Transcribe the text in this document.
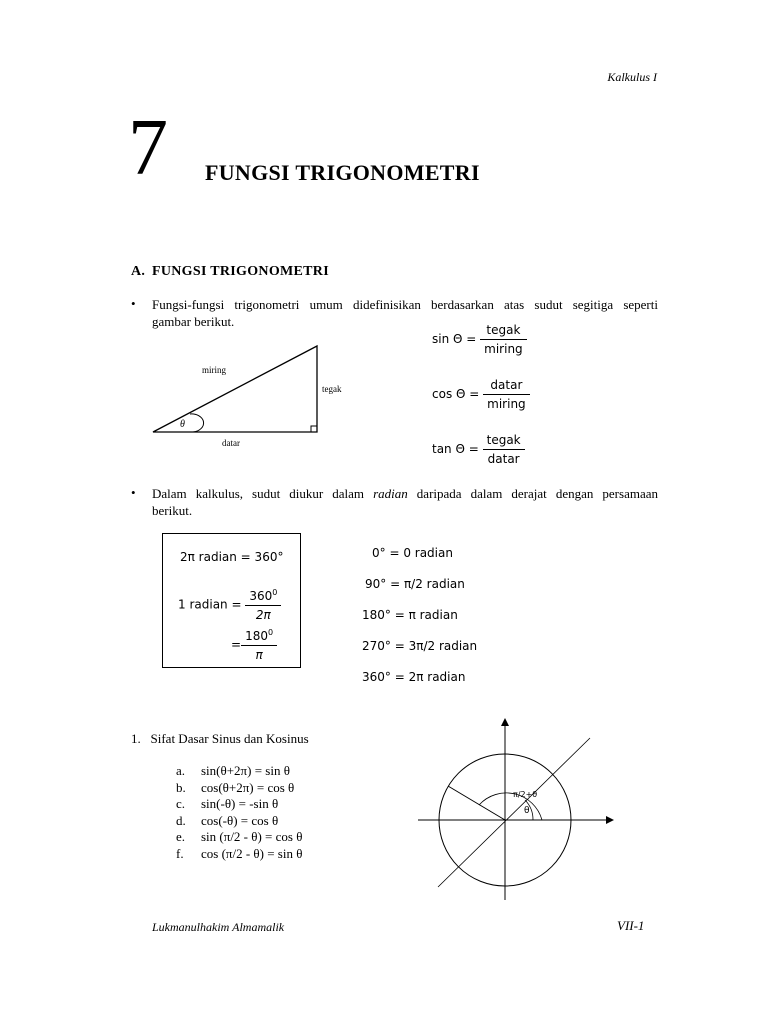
Kalkulus I
7 FUNGSI TRIGONOMETRI
A. FUNGSI TRIGONOMETRI
• Fungsi-fungsi trigonometri umum didefinisikan berdasarkan atas sudut segitiga seperti
gambar berikut.
miring
tegak
datar
θ
$\sin \Theta = \frac{\text{tegak}}{\text{miring}}$
$\cos \Theta = \frac{\text{datar}}{\text{miring}}$
$\tan \Theta = \frac{\text{tegak}}{\text{datar}}$
• Dalam kalkulus, sudut diukur dalam radian daripada dalam derajat dengan persamaan
berikut.
2π radian = 360°
1 radian = $\frac{360^0}{2\pi}$
= $\frac{180^0}{\pi}$
0° = 0 radian
90° = π/2 radian
180° = π radian
270° = 3π/2 radian
360° = 2π radian
1.   Sifat Dasar Sinus dan Kosinus
a. sin(θ+2π) = sin θ
b. cos(θ+2π) = cos θ
c. sin(-θ) = -sin θ
d. cos(-θ) = cos θ
e. sin (π/2 - θ) = cos θ
f. cos (π/2 - θ) = sin θ
π/2+θ
θ
Lukmanulhakim Almamalik	VII-1
